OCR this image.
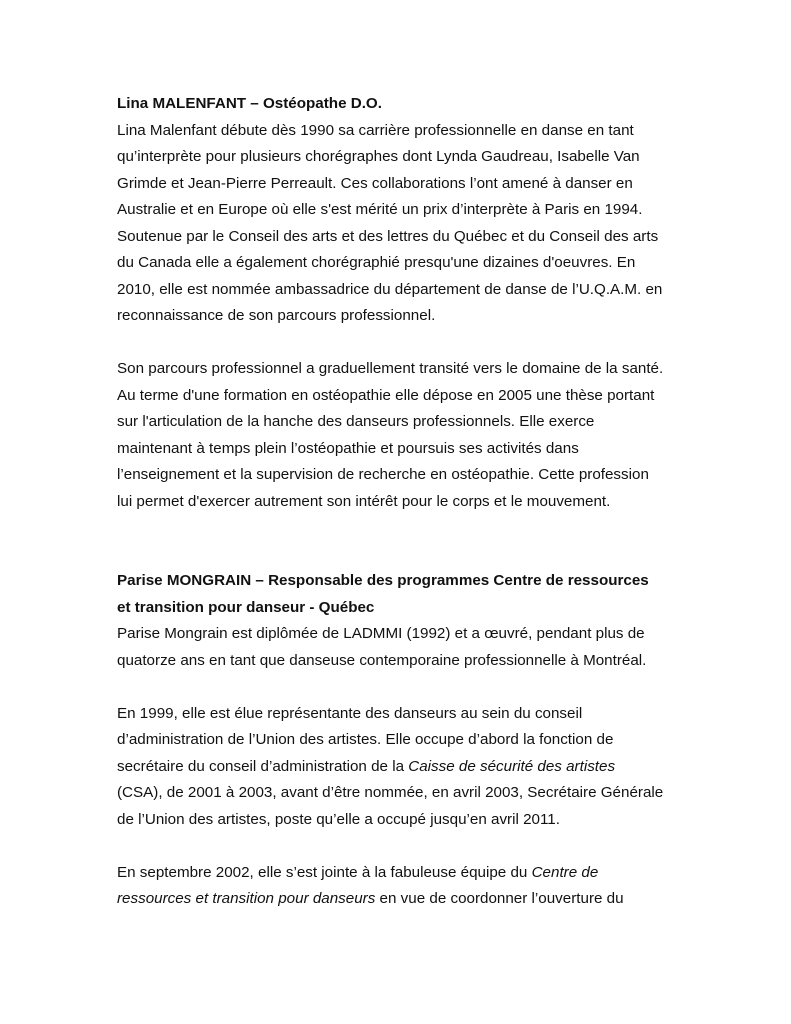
Lina MALENFANT – Ostéopathe D.O.
Lina Malenfant débute dès 1990 sa carrière professionnelle en danse en tant
qu’interprète pour plusieurs chorégraphes dont Lynda Gaudreau, Isabelle Van
Grimde et Jean-Pierre Perreault. Ces collaborations l’ont amené à danser en
Australie et en Europe où elle s'est mérité un prix d’interprète à Paris en 1994.
Soutenue par le Conseil des arts et des lettres du Québec et du Conseil des arts
du Canada elle a également chorégraphié presqu'une dizaines d'oeuvres. En
2010, elle est nommée ambassadrice du département de danse de l’U.Q.A.M. en
reconnaissance de son parcours professionnel.
Son parcours professionnel a graduellement transité vers le domaine de la santé.
Au terme d'une formation en ostéopathie elle dépose en 2005 une thèse portant
sur l'articulation de la hanche des danseurs professionnels. Elle exerce
maintenant à temps plein l’ostéopathie et poursuis ses activités dans
l’enseignement et la supervision de recherche en ostéopathie. Cette profession
lui permet d'exercer autrement son intérêt pour le corps et le mouvement.
Parise MONGRAIN – Responsable des programmes Centre de ressources
et transition pour danseur - Québec
Parise Mongrain est diplômée de LADMMI (1992) et a œuvré, pendant plus de
quatorze ans en tant que danseuse contemporaine professionnelle à Montréal.
En 1999, elle est élue représentante des danseurs au sein du conseil
d’administration de l’Union des artistes. Elle occupe d’abord la fonction de
secrétaire du conseil d’administration de la Caisse de sécurité des artistes
(CSA), de 2001 à 2003, avant d’être nommée, en avril 2003, Secrétaire Générale
de l’Union des artistes, poste qu’elle a occupé jusqu’en avril 2011.
En septembre 2002, elle s’est jointe à la fabuleuse équipe du Centre de
ressources et transition pour danseurs en vue de coordonner l’ouverture du
